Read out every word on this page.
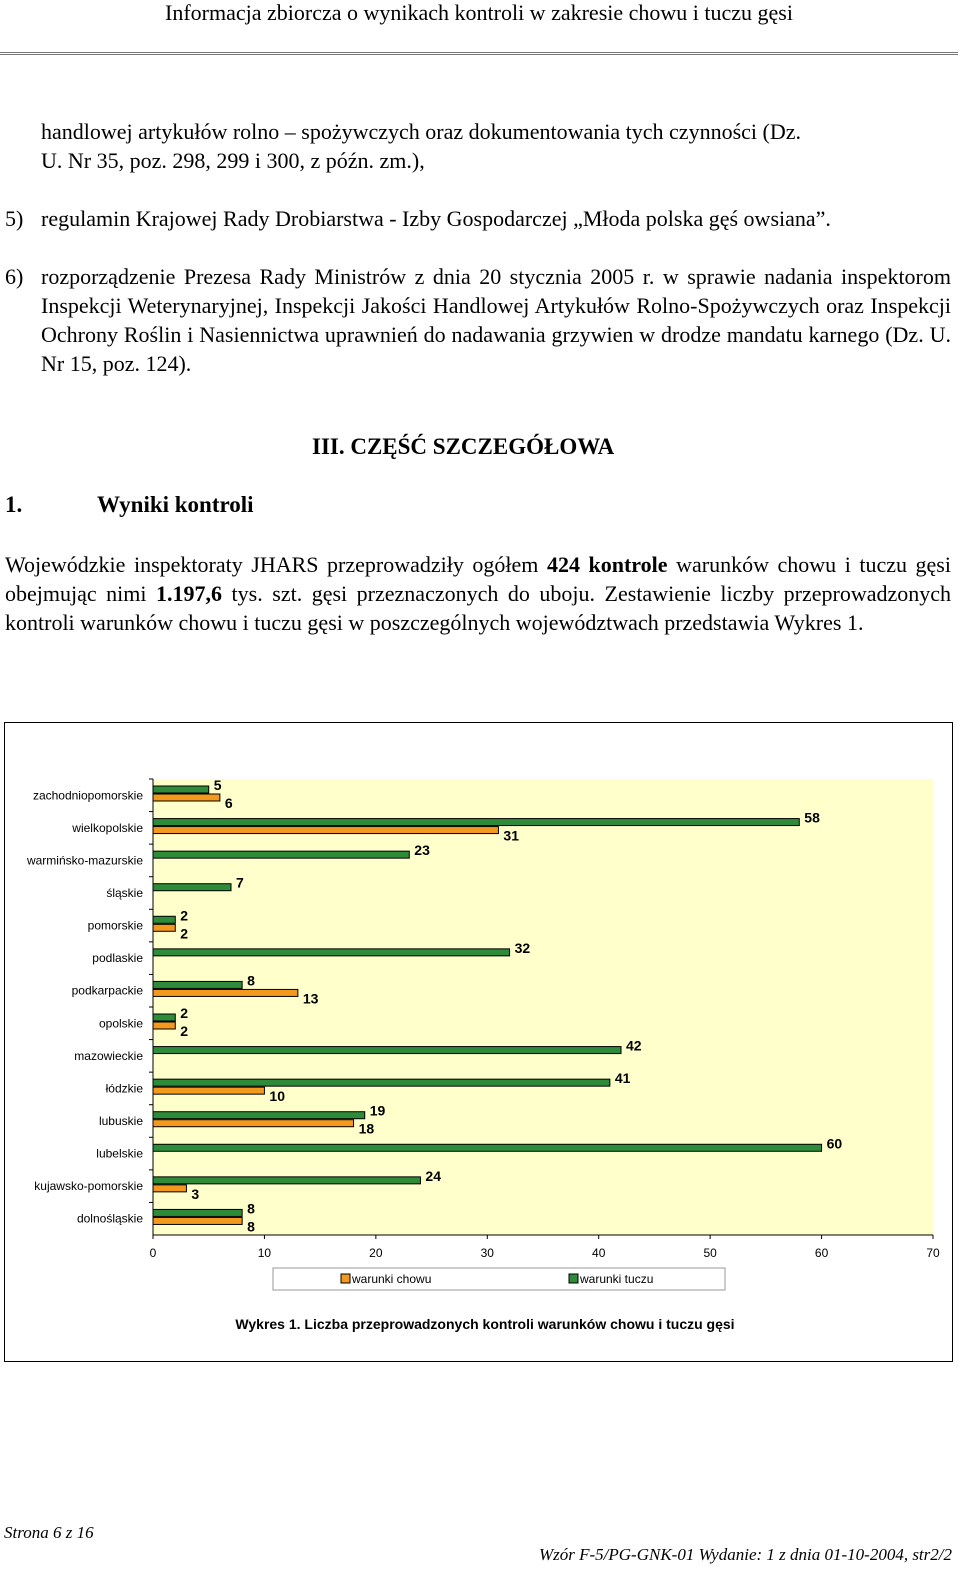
Informacja zbiorcza o wynikach kontroli w zakresie chowu i tuczu gęsi
handlowej artykułów rolno – spożywczych oraz dokumentowania tych czynności (Dz.
U. Nr 35, poz. 298, 299 i 300, z późn. zm.),
5) regulamin Krajowej Rady Drobiarstwa - Izby Gospodarczej „Młoda polska gęś owsiana”.
6) rozporządzenie Prezesa Rady Ministrów z dnia 20 stycznia 2005 r. w sprawie nadania inspektorom Inspekcji Weterynaryjnej, Inspekcji Jakości Handlowej Artykułów Rolno-Spożywczych oraz Inspekcji Ochrony Roślin i Nasiennictwa uprawnień do nadawania grzywien w drodze mandatu karnego (Dz. U. Nr 15, poz. 124).
III. CZĘŚĆ SZCZEGÓŁOWA
1.	Wyniki kontroli
Wojewódzkie inspektoraty JHARS przeprowadziły ogółem 424 kontrole warunków chowu i tuczu gęsi obejmując nimi 1.197,6 tys. szt. gęsi przeznaczonych do uboju. Zestawienie liczby przeprowadzonych kontroli warunków chowu i tuczu gęsi w poszczególnych województwach przedstawia Wykres 1.
0	10	20	30	40	50	60	70
zachodniopomorskie
5
6
wielkopolskie
58
31
warmińsko-mazurskie
23
śląskie
7
pomorskie
2
2
podlaskie
32
podkarpackie
8
13
opolskie
2
2
mazowieckie
42
łódzkie
41
10
lubuskie
19
18
lubelskie
60
kujawsko-pomorskie
24
3
dolnośląskie
8
8
warunki chowu	warunki tuczu
Wykres 1. Liczba przeprowadzonych kontroli warunków chowu i tuczu gęsi
Strona 6 z 16
Wzór F-5/PG-GNK-01 Wydanie: 1 z dnia 01-10-2004, str2/2
